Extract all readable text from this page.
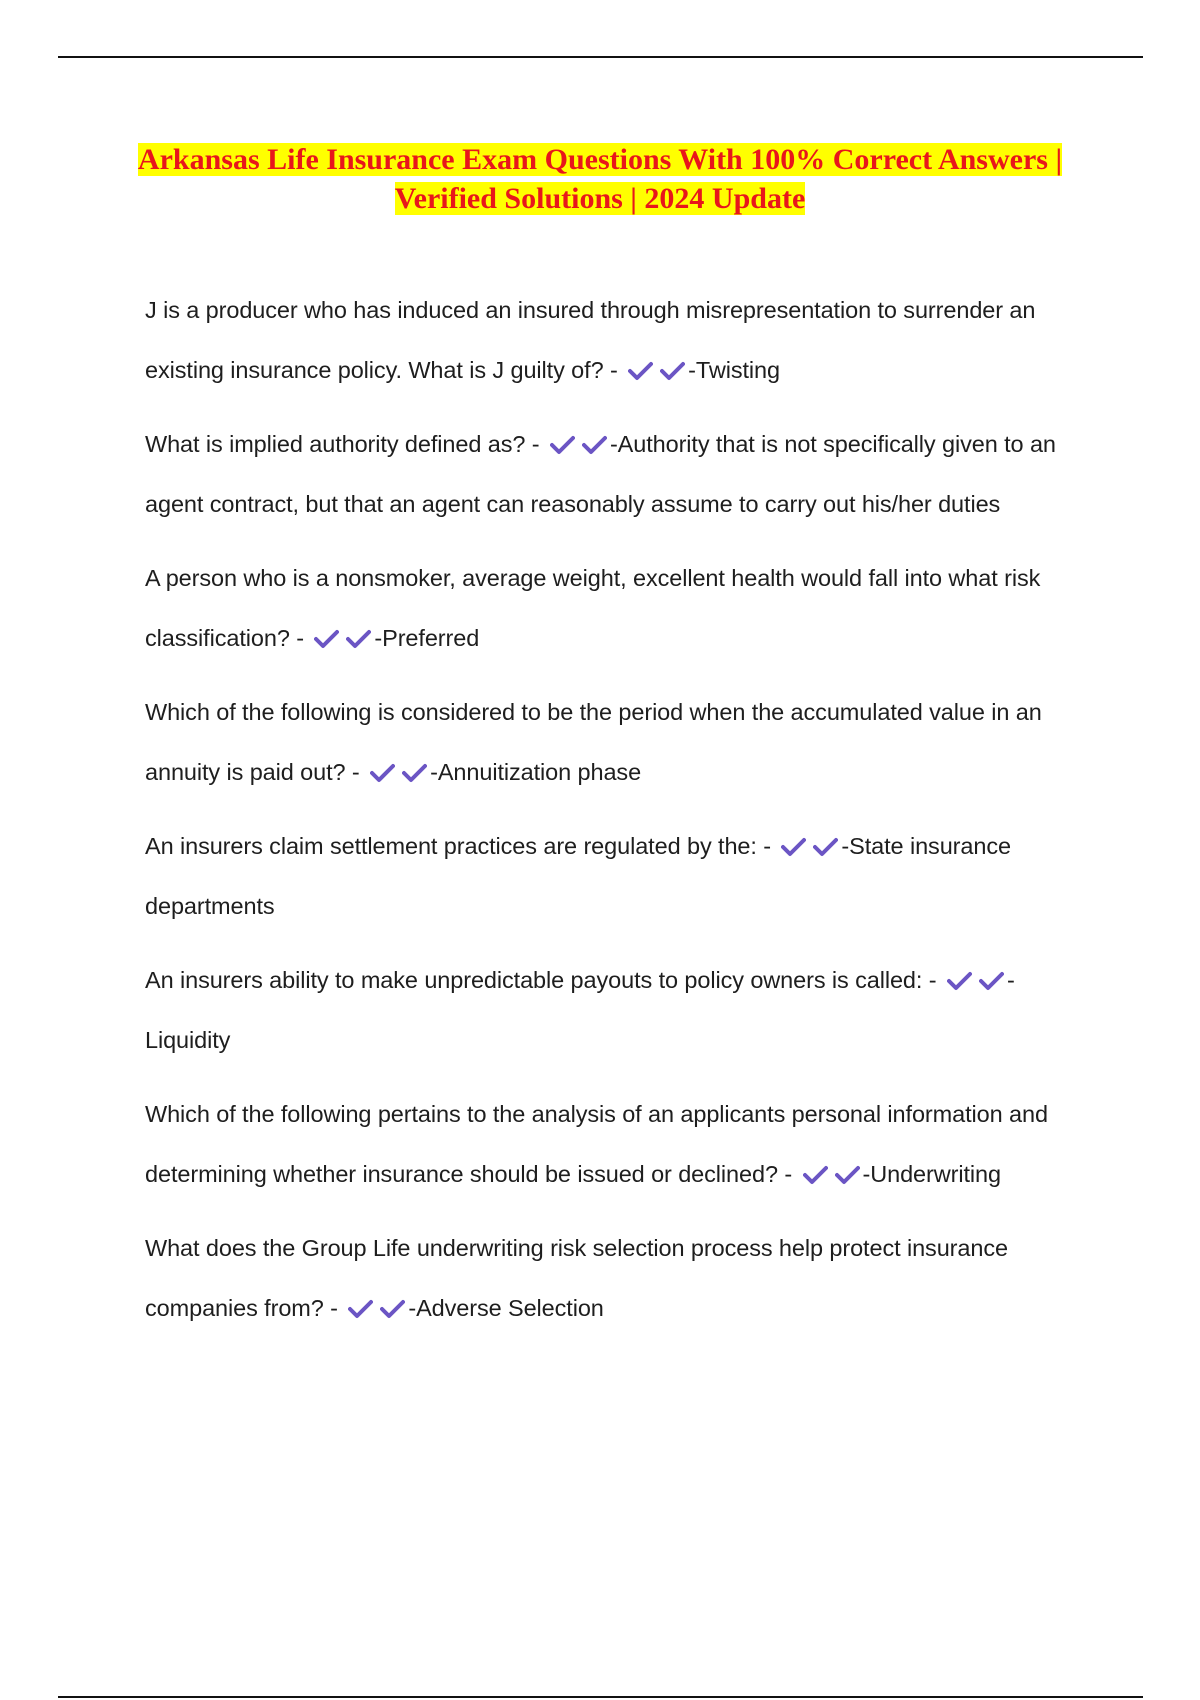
Arkansas Life Insurance Exam Questions With 100% Correct Answers | Verified Solutions | 2024 Update

J is a producer who has induced an insured through misrepresentation to surrender an existing insurance policy. What is J guilty of? -	-Twisting

What is implied authority defined as? -	-Authority that is not specifically given to an agent contract, but that an agent can reasonably assume to carry out his/her duties

A person who is a nonsmoker, average weight, excellent health would fall into what risk classification? -	-Preferred

Which of the following is considered to be the period when the accumulated value in an annuity is paid out? -	-Annuitization phase

An insurers claim settlement practices are regulated by the: -	-State insurance departments

An insurers ability to make unpredictable payouts to policy owners is called: -	-Liquidity

Which of the following pertains to the analysis of an applicants personal information and determining whether insurance should be issued or declined? -	-Underwriting

What does the Group Life underwriting risk selection process help protect insurance companies from? -	-Adverse Selection
